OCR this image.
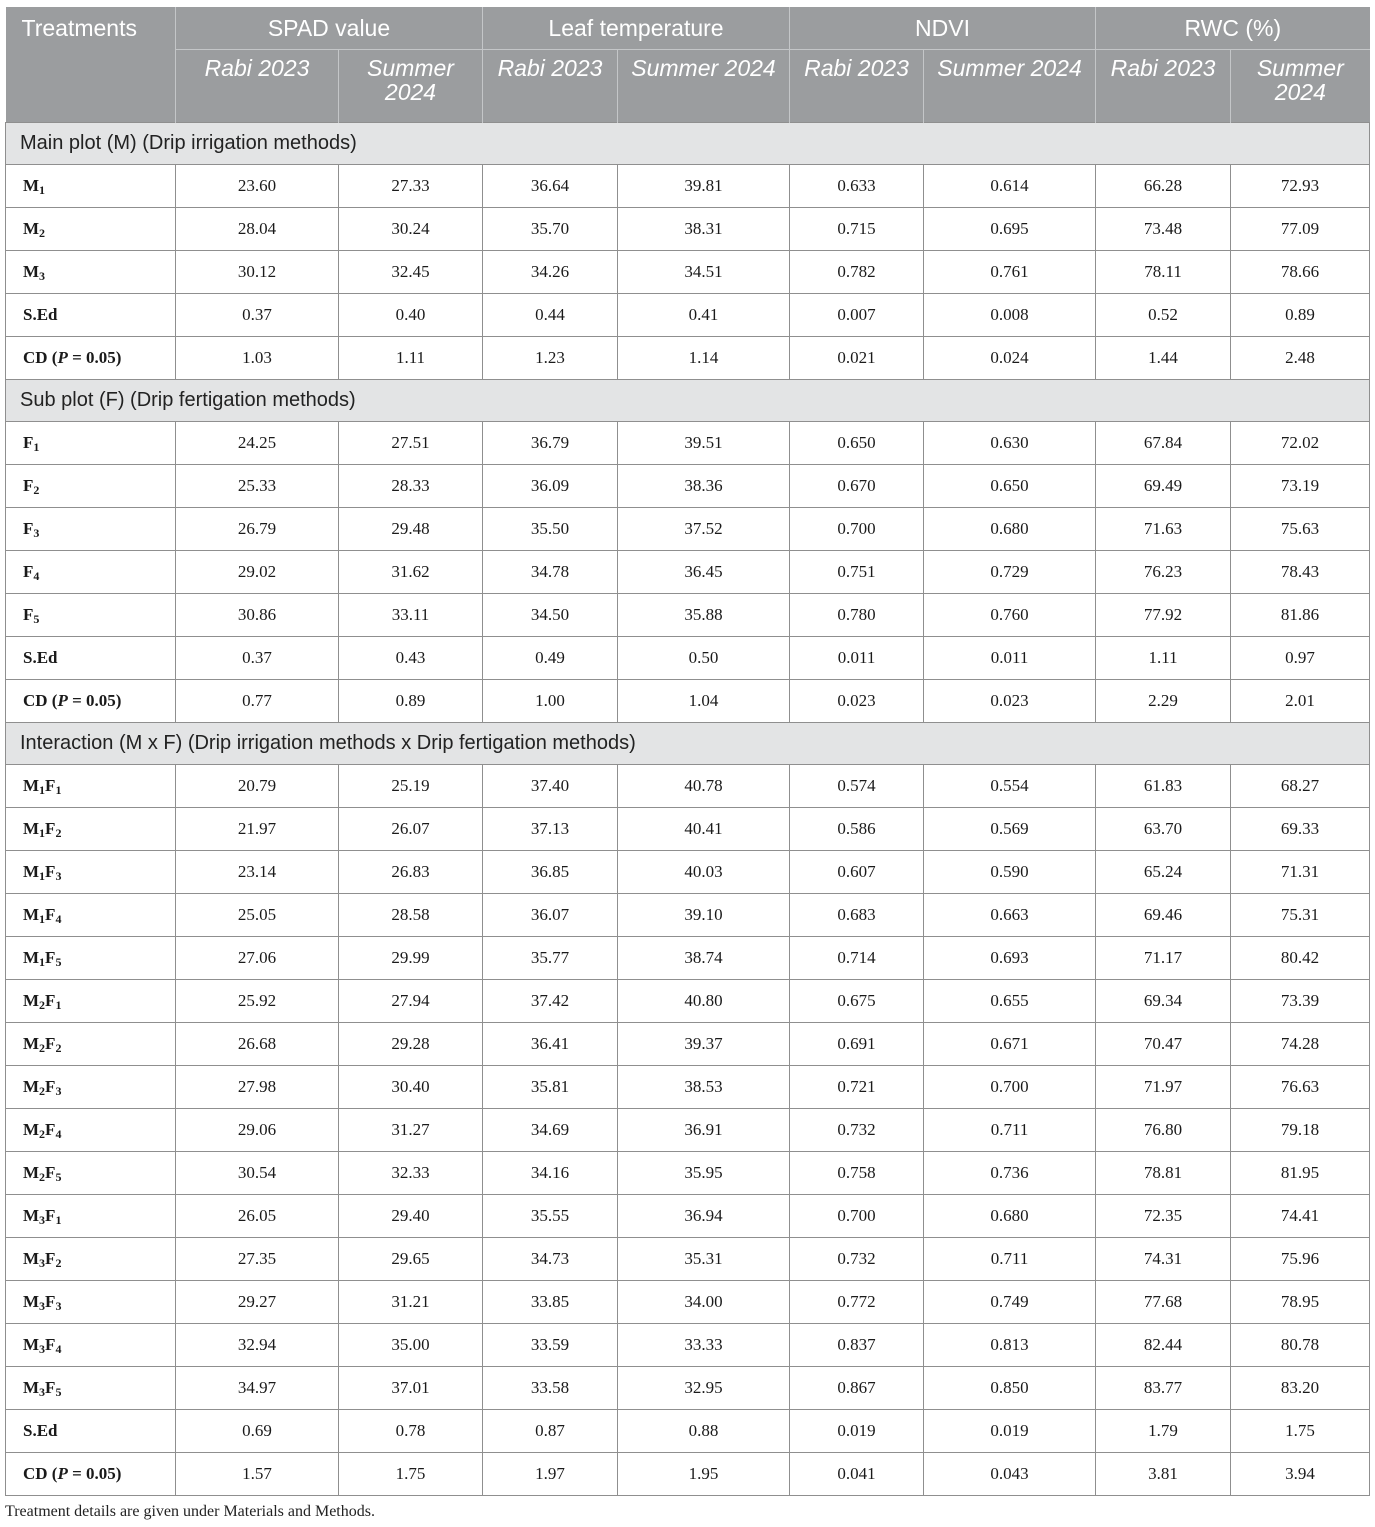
Treatments	SPAD value		Leaf temperature		NDVI		RWC (%)	
	Rabi 2023	Summer 2024	Rabi 2023	Summer 2024	Rabi 2023	Summer 2024	Rabi 2023	Summer 2024
Main plot (M) (Drip irrigation methods)								
$M_1$	23.60	27.33	36.64	39.81	0.633	0.614	66.28	72.93
$M_2$	28.04	30.24	35.70	38.31	0.715	0.695	73.48	77.09
$M_3$	30.12	32.45	34.26	34.51	0.782	0.761	78.11	78.66
S.Ed	0.37	0.40	0.44	0.41	0.007	0.008	0.52	0.89
CD (P = 0.05)	1.03	1.11	1.23	1.14	0.021	0.024	1.44	2.48
Sub plot (F) (Drip fertigation methods)								
$F_1$	24.25	27.51	36.79	39.51	0.650	0.630	67.84	72.02
$F_2$	25.33	28.33	36.09	38.36	0.670	0.650	69.49	73.19
$F_3$	26.79	29.48	35.50	37.52	0.700	0.680	71.63	75.63
$F_4$	29.02	31.62	34.78	36.45	0.751	0.729	76.23	78.43
$F_5$	30.86	33.11	34.50	35.88	0.780	0.760	77.92	81.86
S.Ed	0.37	0.43	0.49	0.50	0.011	0.011	1.11	0.97
CD (P = 0.05)	0.77	0.89	1.00	1.04	0.023	0.023	2.29	2.01
Interaction (M x F) (Drip irrigation methods x Drip fertigation methods)								
$M_1F_1$	20.79	25.19	37.40	40.78	0.574	0.554	61.83	68.27
$M_1F_2$	21.97	26.07	37.13	40.41	0.586	0.569	63.70	69.33
$M_1F_3$	23.14	26.83	36.85	40.03	0.607	0.590	65.24	71.31
$M_1F_4$	25.05	28.58	36.07	39.10	0.683	0.663	69.46	75.31
$M_1F_5$	27.06	29.99	35.77	38.74	0.714	0.693	71.17	80.42
$M_2F_1$	25.92	27.94	37.42	40.80	0.675	0.655	69.34	73.39
$M_2F_2$	26.68	29.28	36.41	39.37	0.691	0.671	70.47	74.28
$M_2F_3$	27.98	30.40	35.81	38.53	0.721	0.700	71.97	76.63
$M_2F_4$	29.06	31.27	34.69	36.91	0.732	0.711	76.80	79.18
$M_2F_5$	30.54	32.33	34.16	35.95	0.758	0.736	78.81	81.95
$M_3F_1$	26.05	29.40	35.55	36.94	0.700	0.680	72.35	74.41
$M_3F_2$	27.35	29.65	34.73	35.31	0.732	0.711	74.31	75.96
$M_3F_3$	29.27	31.21	33.85	34.00	0.772	0.749	77.68	78.95
$M_3F_4$	32.94	35.00	33.59	33.33	0.837	0.813	82.44	80.78
$M_3F_5$	34.97	37.01	33.58	32.95	0.867	0.850	83.77	83.20
S.Ed	0.69	0.78	0.87	0.88	0.019	0.019	1.79	1.75
CD (P = 0.05)	1.57	1.75	1.97	1.95	0.041	0.043	3.81	3.94
Treatment details are given under Materials and Methods.
